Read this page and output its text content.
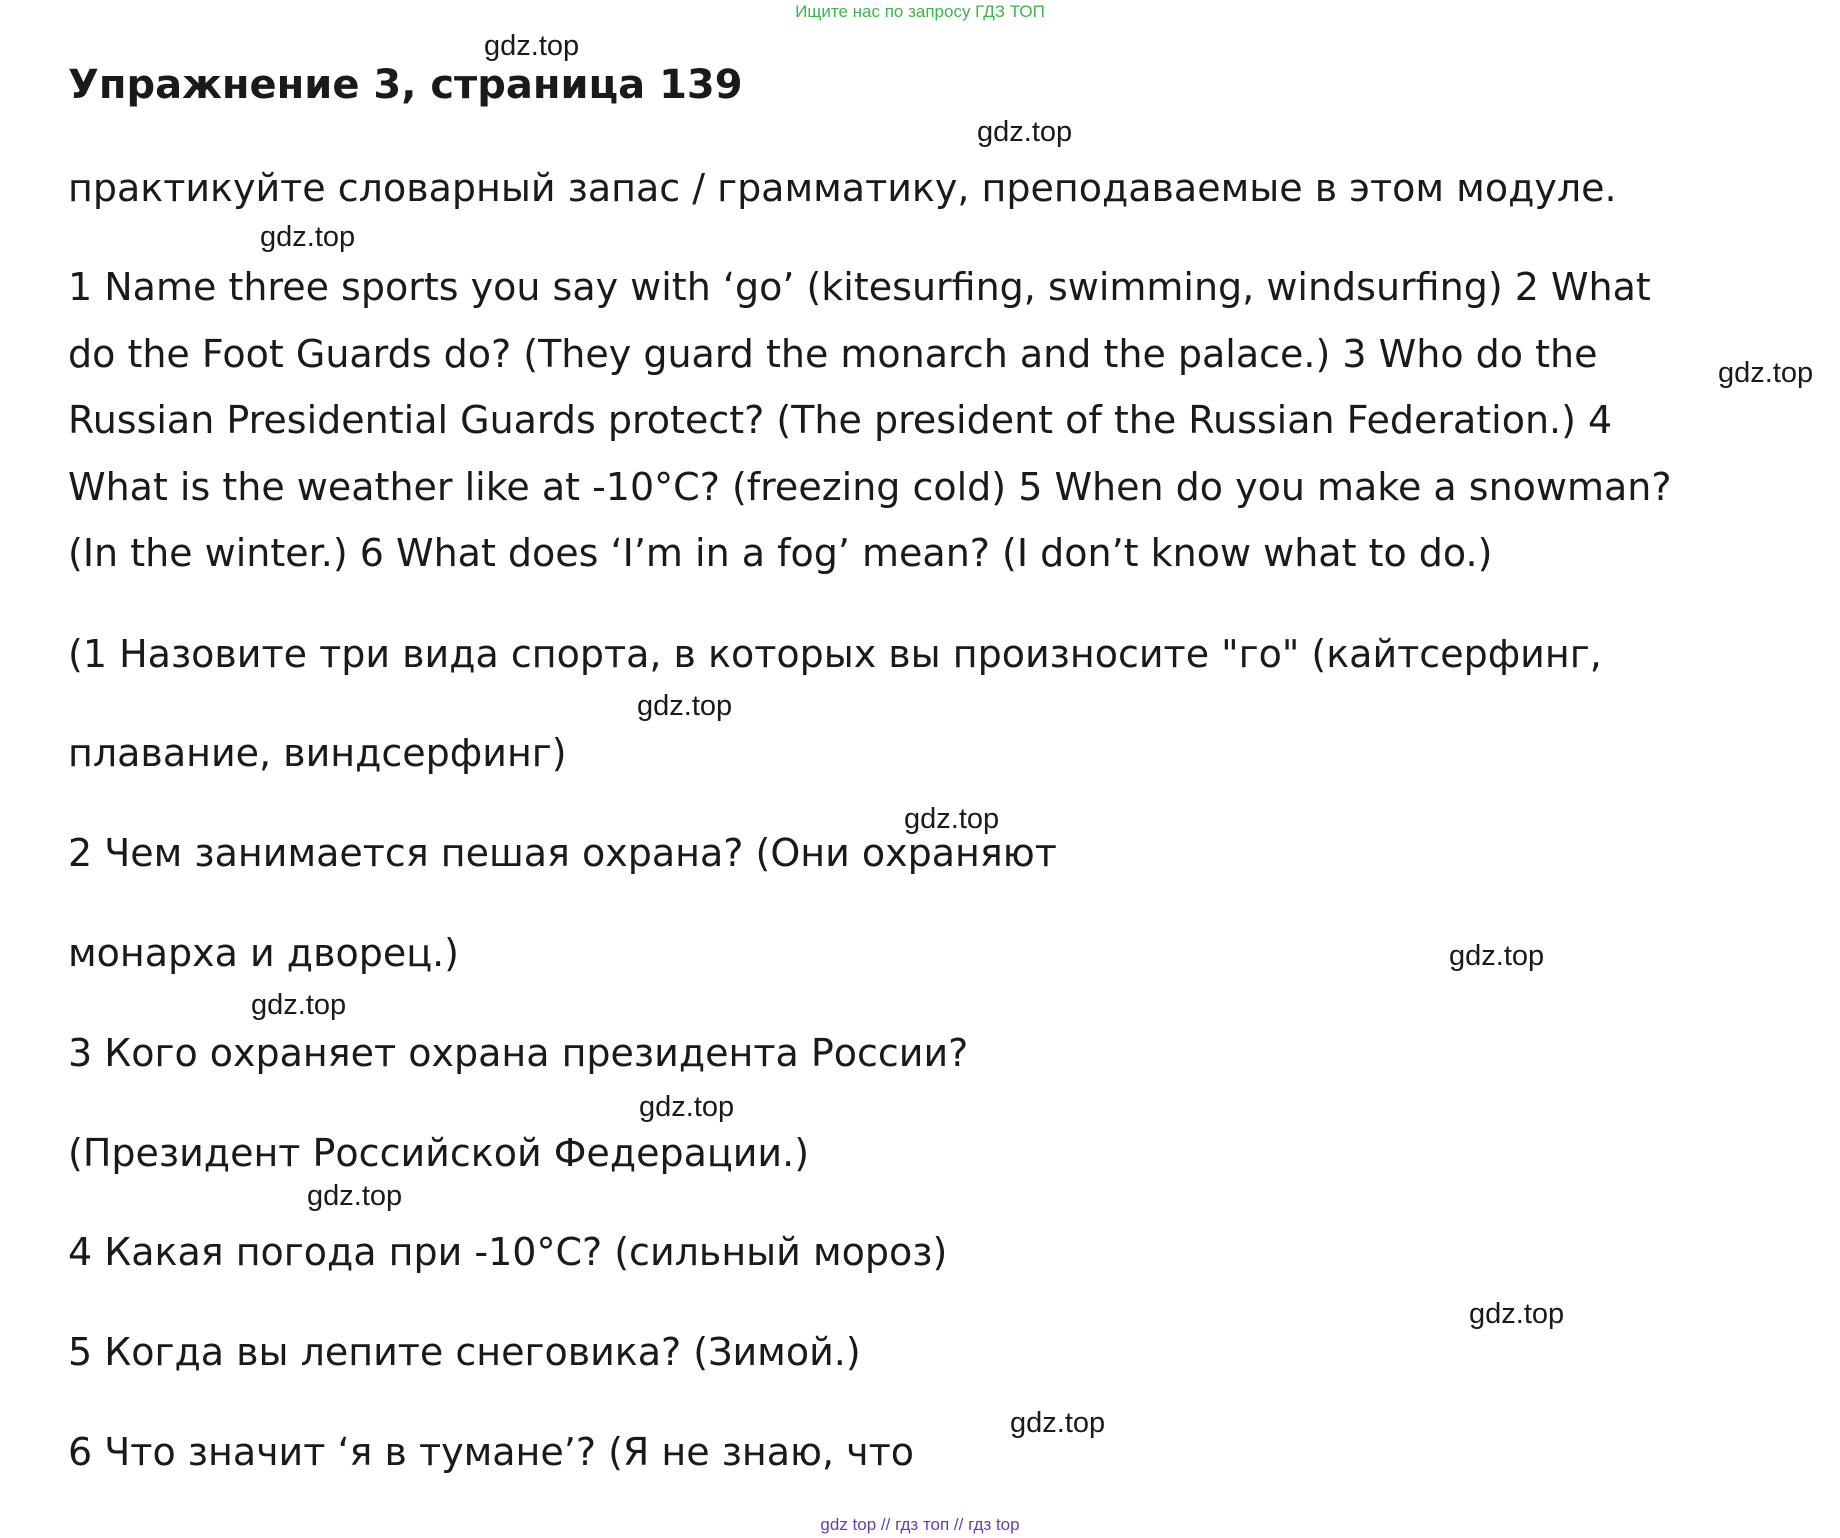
Ищите нас по запросу ГДЗ ТОП
Упражнение 3, страница 139
gdz.top
gdz.top
gdz.top
gdz.top
gdz.top
gdz.top
gdz.top
gdz.top
gdz.top
gdz.top
gdz.top
gdz.top
практикуйте словарный запас / грамматику, преподаваемые в этом модуле.
1 Name three sports you say with ‘go’ (kitesurfing, swimming, windsurfing) 2 What
do the Foot Guards do? (They guard the monarch and the palace.) 3 Who do the
Russian Presidential Guards protect? (The president of the Russian Federation.) 4
What is the weather like at -10°C? (freezing cold) 5 When do you make a snowman?
(In the winter.) 6 What does ‘I’m in a fog’ mean? (I don’t know what to do.)
(1 Назовите три вида спорта, в которых вы произносите "го" (кайтсерфинг,
плавание, виндсерфинг)
2 Чем занимается пешая охрана? (Они охраняют
монарха и дворец.)
3 Кого охраняет охрана президента России?
(Президент Российской Федерации.)
4 Какая погода при -10°C? (сильный мороз)
5 Когда вы лепите снеговика? (Зимой.)
6 Что значит ‘я в тумане’? (Я не знаю, что
gdz top // гдз топ // гдз top
